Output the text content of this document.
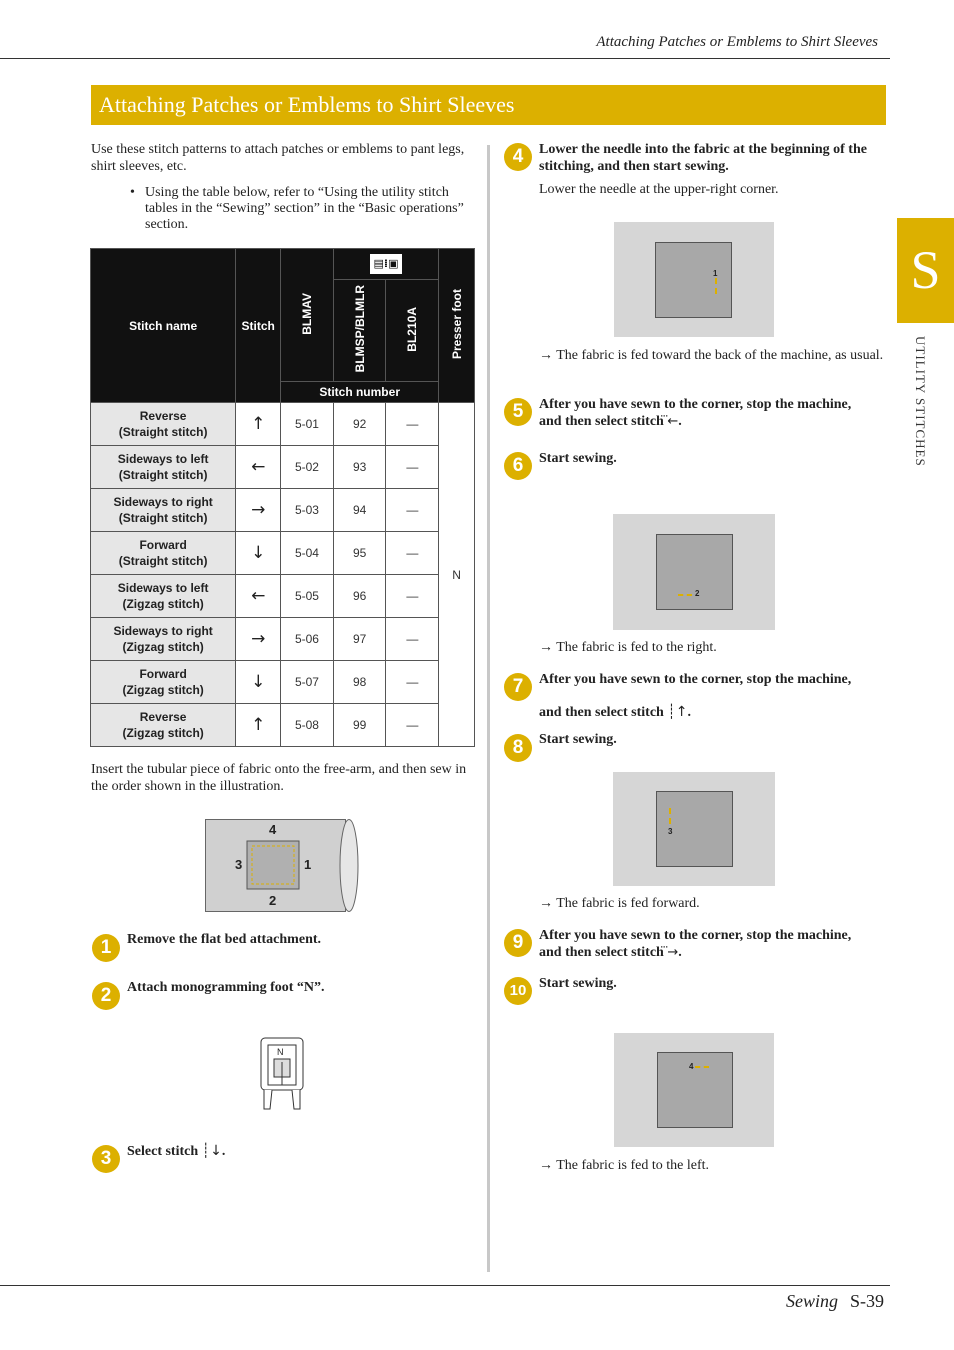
Attaching Patches or Emblems to Shirt Sleeves
Attaching Patches or Emblems to Shirt Sleeves
S
UTILITY STITCHES

Use these stitch patterns to attach patches or emblems to pant legs, shirt sleeves, etc.

• Using the table below, refer to “Using the utility stitch tables in the “Sewing” section” in the “Basic operations” section.
Stitch name	Stitch	BLMAV	▤⁞▣		Presser foot
			BLMSP/BLMLR	BL210A	
		Stitch number			

Reverse
(Straight stitch)	↑	5-01	92	—	N

Sideways to left
(Straight stitch)	←	5-02	93	—	

Sideways to right
(Straight stitch)	→	5-03	94	—	

Forward
(Straight stitch)	↓	5-04	95	—	

Sideways to left
(Zigzag stitch)	←	5-05	96	—	

Sideways to right
(Zigzag stitch)	→	5-06	97	—	

Forward
(Zigzag stitch)	↓	5-07	98	—	

Reverse
(Zigzag stitch)	↑	5-08	99	—	

Insert the tubular piece of fabric onto the free-arm, and then sew in the order shown in the illustration.

4
3	1
2
1	Remove the flat bed attachment.
2	Attach monogramming foot “N”.
N
3	Select stitch ┊↓.
4	Lower the needle into the fabric at the beginning of the stitching, and then start sewing.
Lower the needle at the upper-right corner.
1
→ The fabric is fed toward the back of the machine, as usual.
5	After you have sewn to the corner, stop the machine,
and then select stitch ⃛←.
6	Start sewing.
2
→ The fabric is fed to the right.
7	After you have sewn to the corner, stop the machine,
and then select stitch ┊↑.
8	Start sewing.
3
→ The fabric is fed forward.
9	After you have sewn to the corner, stop the machine,
and then select stitch ⃛→.
10 Start sewing.
4
→ The fabric is fed to the left.
Sewing S-39
